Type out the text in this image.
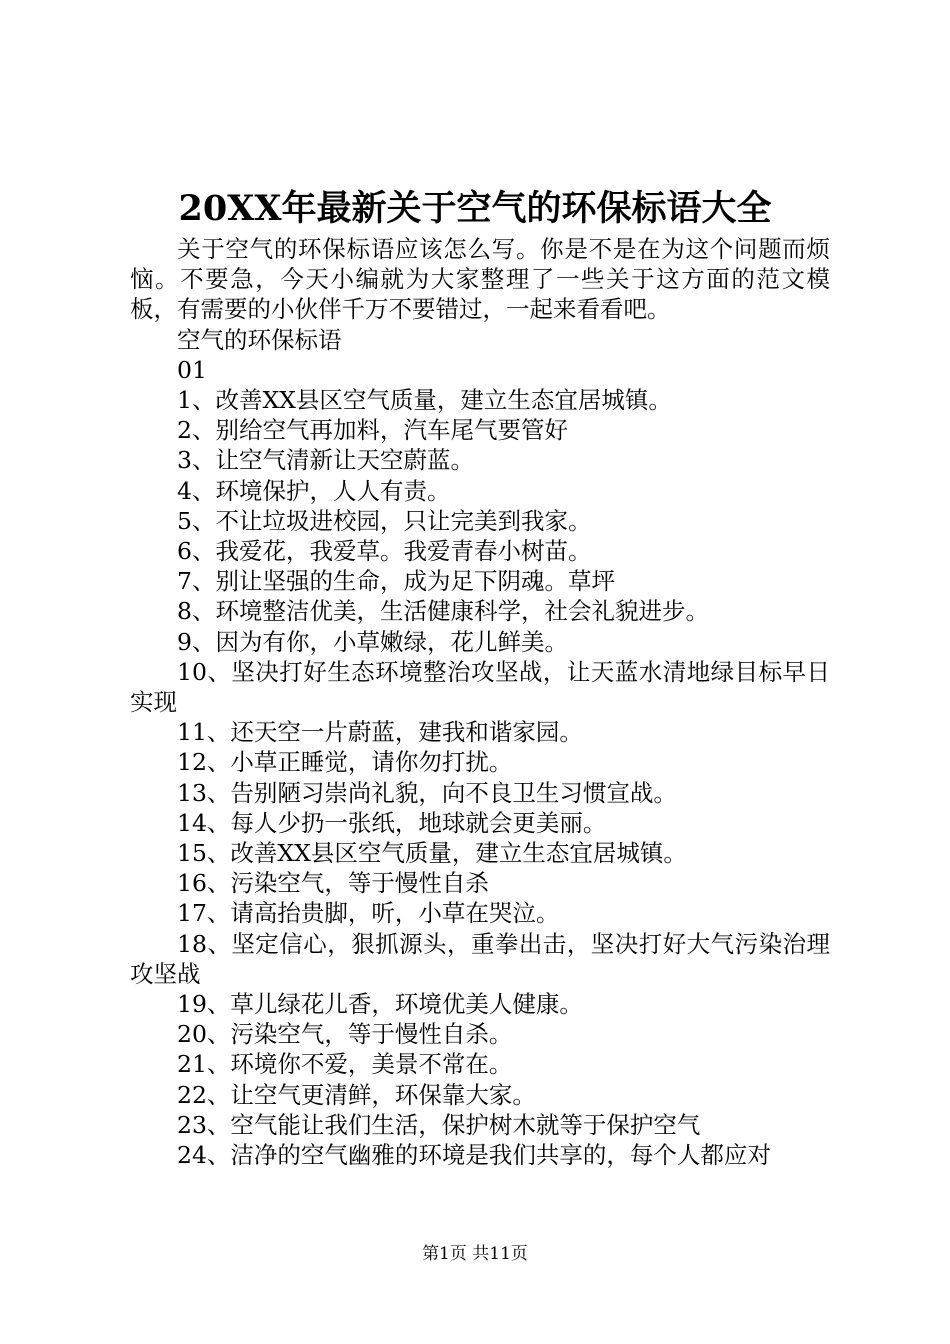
20XX年最新关于空气的环保标语大全

关于空气的环保标语应该怎么写。你是不是在为这个问题而烦恼。不要急，今天小编就为大家整理了一些关于这方面的范文模板，有需要的小伙伴千万不要错过，一起来看看吧。

空气的环保标语

01

1、改善XX县区空气质量，建立生态宜居城镇。

2、别给空气再加料，汽车尾气要管好

3、让空气清新让天空蔚蓝。

4、环境保护，人人有责。

5、不让垃圾进校园，只让完美到我家。

6、我爱花，我爱草。我爱青春小树苗。

7、别让坚强的生命，成为足下阴魂。草坪

8、环境整洁优美，生活健康科学，社会礼貌进步。

9、因为有你，小草嫩绿，花儿鲜美。

10、坚决打好生态环境整治攻坚战，让天蓝水清地绿目标早日实现

11、还天空一片蔚蓝，建我和谐家园。

12、小草正睡觉，请你勿打扰。

13、告别陋习崇尚礼貌，向不良卫生习惯宣战。

14、每人少扔一张纸，地球就会更美丽。

15、改善XX县区空气质量，建立生态宜居城镇。

16、污染空气，等于慢性自杀

17、请高抬贵脚，听，小草在哭泣。

18、坚定信心，狠抓源头，重拳出击，坚决打好大气污染治理攻坚战

19、草儿绿花儿香，环境优美人健康。

20、污染空气，等于慢性自杀。

21、环境你不爱，美景不常在。

22、让空气更清鲜，环保靠大家。

23、空气能让我们生活，保护树木就等于保护空气

24、洁净的空气幽雅的环境是我们共享的，每个人都应对

第1页 共11页
